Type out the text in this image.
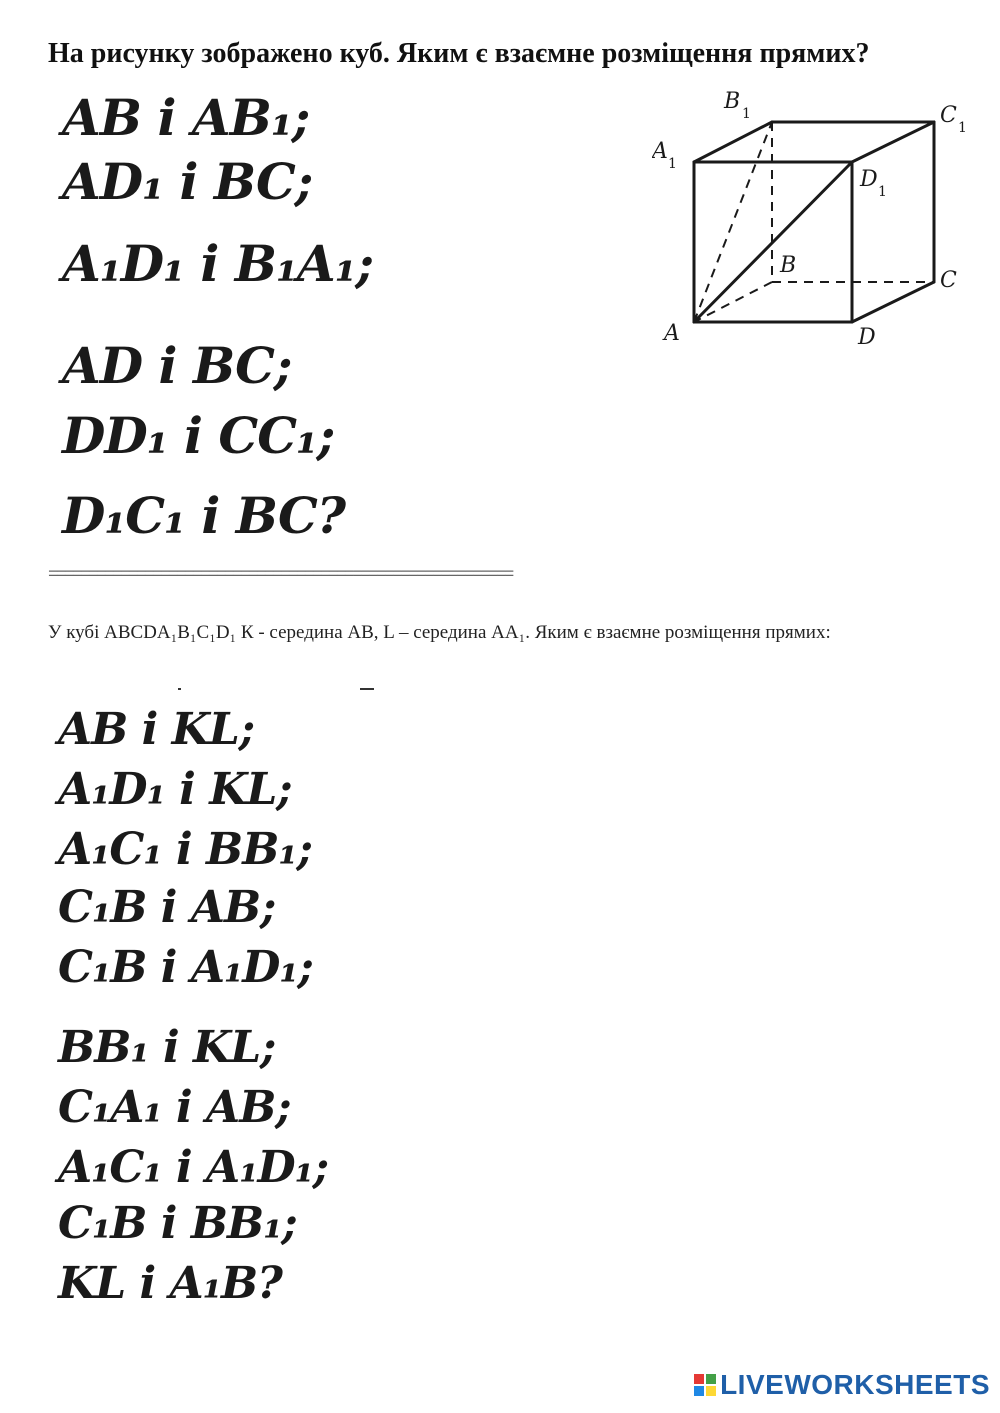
На рисунку зображено куб. Яким є взаємне розміщення прямих?
AB і AB₁;
AD₁ і BC;
A₁D₁ і B₁A₁;
AD і BC;
DD₁ і CC₁;
D₁C₁ і BC?
A
B
C
D
A 1
B 1	C 1
D 1
==========================================================
У кубі ABCDA₁B₁C₁D₁ К - середина АВ, L – середина АА₁. Яким є взаємне розміщення прямих:
AB і KL;
A₁D₁ і KL;
A₁C₁ і BB₁;
C₁B і AB;
C₁B і A₁D₁;
BB₁ і KL;
C₁A₁ і AB;
A₁C₁ і A₁D₁;
C₁B і BB₁;
KL і A₁B?
LIVEWORKSHEETS
